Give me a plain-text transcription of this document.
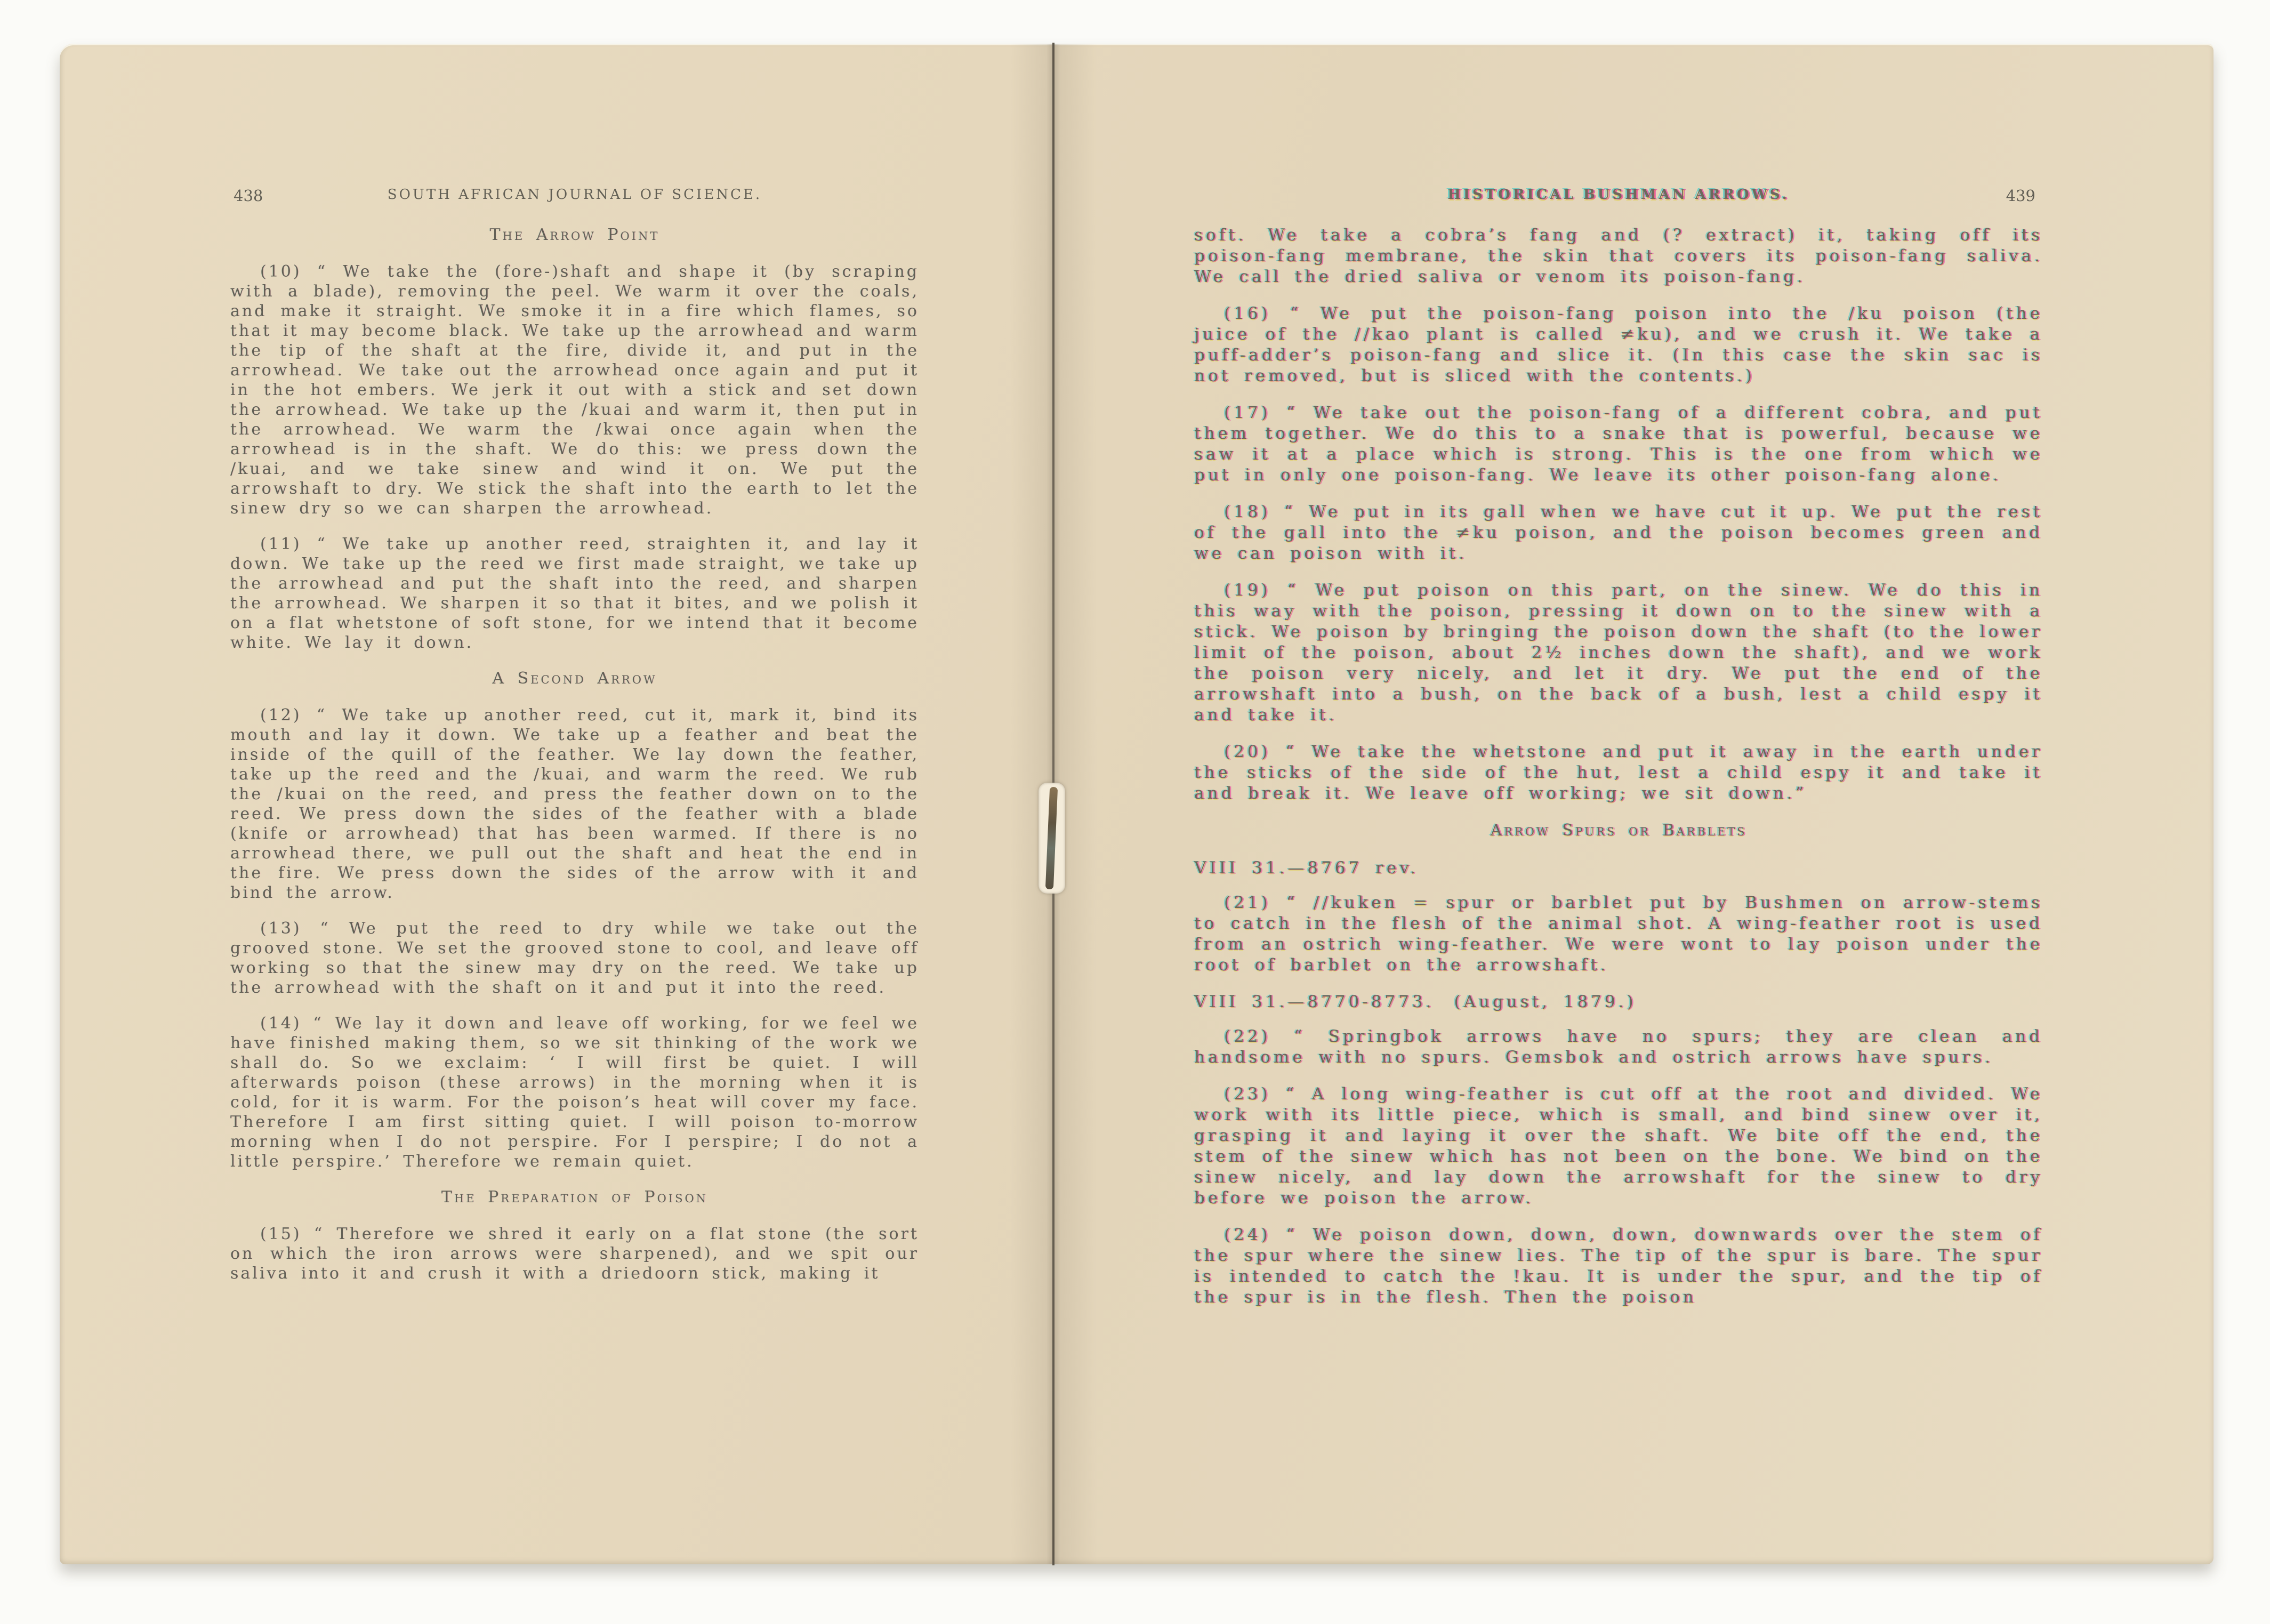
438	SOUTH AFRICAN JOURNAL OF SCIENCE.
The Arrow Point

(10) “ We take the (fore-)shaft and shape it (by scraping with a blade), removing the peel. We warm it over the coals, and make it straight. We smoke it in a fire which flames, so that it may become black. We take up the arrowhead and warm the tip of the shaft at the fire, divide it, and put in the arrowhead. We take out the arrowhead once again and put it in the hot embers. We jerk it out with a stick and set down the arrowhead. We take up the /kuai and warm it, then put in the arrowhead. We warm the /kwai once again when the arrowhead is in the shaft. We do this: we press down the /kuai, and we take sinew and wind it on. We put the arrowshaft to dry. We stick the shaft into the earth to let the sinew dry so we can sharpen the arrowhead.

(11) “ We take up another reed, straighten it, and lay it down. We take up the reed we first made straight, we take up the arrowhead and put the shaft into the reed, and sharpen the arrowhead. We sharpen it so that it bites, and we polish it on a flat whetstone of soft stone, for we intend that it become white. We lay it down.

A Second Arrow

(12) “ We take up another reed, cut it, mark it, bind its mouth and lay it down. We take up a feather and beat the inside of the quill of the feather. We lay down the feather, take up the reed and the /kuai, and warm the reed. We rub the /kuai on the reed, and press the feather down on to the reed. We press down the sides of the feather with a blade (knife or arrowhead) that has been warmed. If there is no arrowhead there, we pull out the shaft and heat the end in the fire. We press down the sides of the arrow with it and bind the arrow.

(13) “ We put the reed to dry while we take out the grooved stone. We set the grooved stone to cool, and leave off working so that the sinew may dry on the reed. We take up the arrowhead with the shaft on it and put it into the reed.

(14) “ We lay it down and leave off working, for we feel we have finished making them, so we sit thinking of the work we shall do. So we exclaim: ‘ I will first be quiet. I will afterwards poison (these arrows) in the morning when it is cold, for it is warm. For the poison’s heat will cover my face. Therefore I am first sitting quiet. I will poison to-morrow morning when I do not perspire. For I perspire; I do not a little perspire.’ Therefore we remain quiet.

The Preparation of Poison

(15) “ Therefore we shred it early on a flat stone (the sort on which the iron arrows were sharpened), and we spit our saliva into it and crush it with a driedoorn stick, making it

HISTORICAL BUSHMAN ARROWS.	439

soft. We take a cobra’s fang and (? extract) it, taking off its poison-fang membrane, the skin that covers its poison-fang saliva. We call the dried saliva or venom its poison-fang.

(16) “ We put the poison-fang poison into the /ku poison (the juice of the //kao plant is called ≠ku), and we crush it. We take a puff-adder’s poison-fang and slice it. (In this case the skin sac is not removed, but is sliced with the contents.)

(17) “ We take out the poison-fang of a different cobra, and put them together. We do this to a snake that is powerful, because we saw it at a place which is strong. This is the one from which we put in only one poison-fang. We leave its other poison-fang alone.

(18) “ We put in its gall when we have cut it up. We put the rest of the gall into the ≠ku poison, and the poison becomes green and we can poison with it.

(19) “ We put poison on this part, on the sinew. We do this in this way with the poison, pressing it down on to the sinew with a stick. We poison by bringing the poison down the shaft (to the lower limit of the poison, about 2½ inches down the shaft), and we work the poison very nicely, and let it dry. We put the end of the arrowshaft into a bush, on the back of a bush, lest a child espy it and take it.

(20) “ We take the whetstone and put it away in the earth under the sticks of the side of the hut, lest a child espy it and take it and break it. We leave off working; we sit down.”

Arrow Spurs or Barblets

VIII 31.—8767 rev.

(21) “ //kuken = spur or barblet put by Bushmen on arrow-stems to catch in the flesh of the animal shot. A wing-feather root is used from an ostrich wing-feather. We were wont to lay poison under the root of barblet on the arrowshaft.

VIII 31.—8770-8773. (August, 1879.)

(22) “ Springbok arrows have no spurs; they are clean and handsome with no spurs. Gemsbok and ostrich arrows have spurs.

(23) “ A long wing-feather is cut off at the root and divided. We work with its little piece, which is small, and bind sinew over it, grasping it and laying it over the shaft. We bite off the end, the stem of the sinew which has not been on the bone. We bind on the sinew nicely, and lay down the arrowshaft for the sinew to dry before we poison the arrow.

(24) “ We poison down, down, down, downwards over the stem of the spur where the sinew lies. The tip of the spur is bare. The spur is intended to catch the !kau. It is under the spur, and the tip of the spur is in the flesh. Then the poison
